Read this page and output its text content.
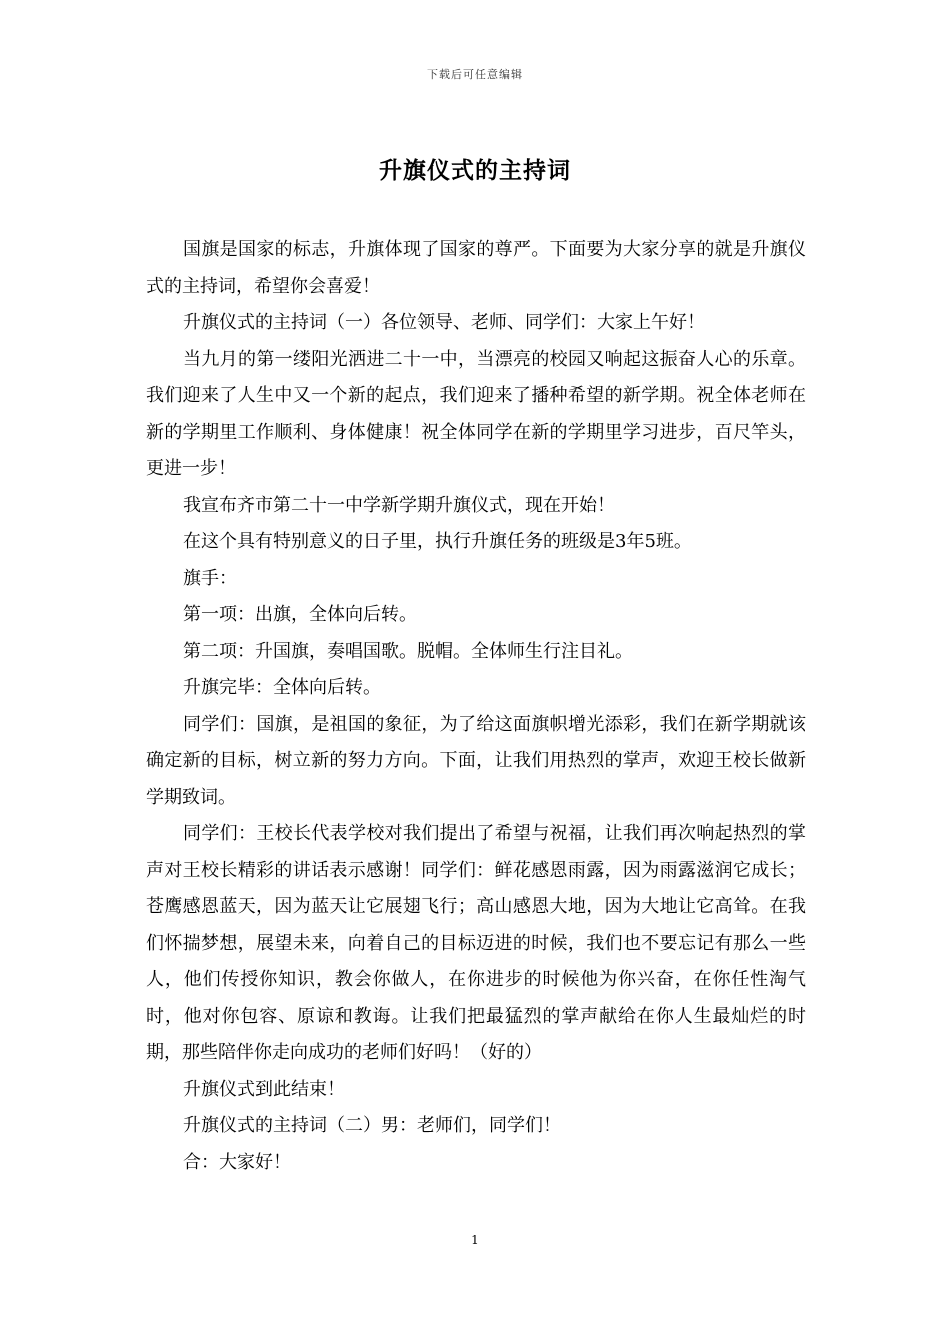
下载后可任意编辑
升旗仪式的主持词

国旗是国家的标志，升旗体现了国家的尊严。下面要为大家分享的就是升旗仪式的主持词，希望你会喜爱！

升旗仪式的主持词（一）各位领导、老师、同学们：大家上午好！

当九月的第一缕阳光洒进二十一中，当漂亮的校园又响起这振奋人心的乐章。我们迎来了人生中又一个新的起点，我们迎来了播种希望的新学期。祝全体老师在新的学期里工作顺利、身体健康！祝全体同学在新的学期里学习进步，百尺竿头，更进一步！

我宣布齐市第二十一中学新学期升旗仪式，现在开始！

在这个具有特别意义的日子里，执行升旗任务的班级是3年5班。

旗手：

第一项：出旗，全体向后转。

第二项：升国旗，奏唱国歌。脱帽。全体师生行注目礼。

升旗完毕：全体向后转。

同学们：国旗，是祖国的象征，为了给这面旗帜增光添彩，我们在新学期就该确定新的目标，树立新的努力方向。下面，让我们用热烈的掌声，欢迎王校长做新学期致词。

同学们：王校长代表学校对我们提出了希望与祝福，让我们再次响起热烈的掌声对王校长精彩的讲话表示感谢！同学们：鲜花感恩雨露，因为雨露滋润它成长；苍鹰感恩蓝天，因为蓝天让它展翅飞行；高山感恩大地，因为大地让它高耸。在我们怀揣梦想，展望未来，向着自己的目标迈进的时候，我们也不要忘记有那么一些人，他们传授你知识，教会你做人，在你进步的时候他为你兴奋，在你任性淘气时，他对你包容、原谅和教诲。让我们把最猛烈的掌声献给在你人生最灿烂的时期，那些陪伴你走向成功的老师们好吗！（好的）

升旗仪式到此结束！

升旗仪式的主持词（二）男：老师们，同学们！

合：大家好！

1
